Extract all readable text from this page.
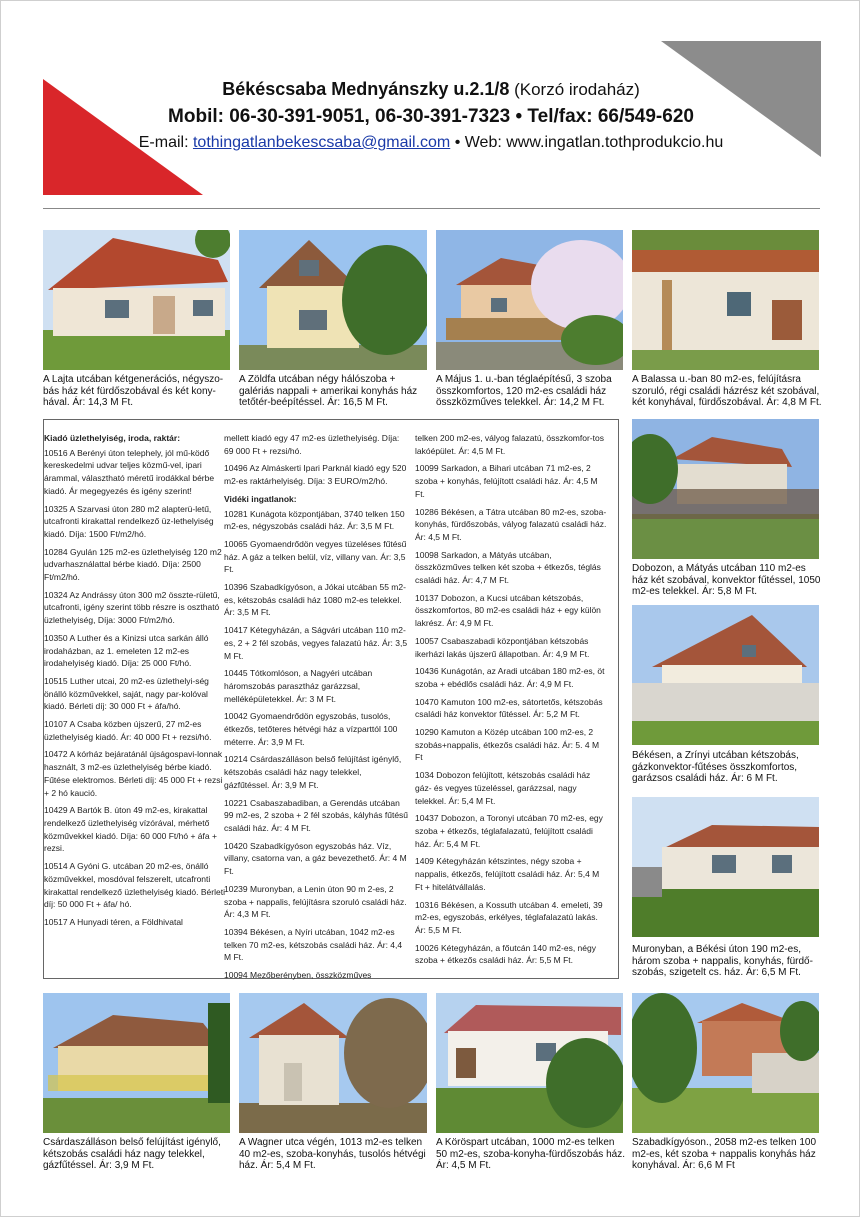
Békéscsaba Mednyánszky u.2.1/8 (Korzó irodaház)
Mobil: 06-30-391-9051, 06-30-391-7323 • Tel/fax: 66/549-620
E-mail: tothingatlanbekescsaba@gmail.com • Web: www.ingatlan.tothprodukcio.hu
A Lajta utcában kétgenerációs, négyszo-bás ház két fürdőszobával és két kony-hával. Ár: 14,3 M Ft.
A Zöldfa utcában négy hálószoba + galériás nappali + amerikai konyhás ház tetőtér-beépítéssel. Ár: 16,5 M Ft.
A Május 1. u.-ban téglaépítésű, 3 szoba összkomfortos, 120 m2-es családi ház összközműves telekkel. Ár: 14,2 M Ft.
A Balassa u.-ban 80 m2-es, felújításra szoruló, régi családi házrész két szobával, két konyhával, fürdőszobával. Ár: 4,8 M Ft.

Kiadó üzlethelyiség, iroda, raktár:

10516 A Berényi úton telephely, jól mű-ködő kereskedelmi udvar teljes közmű-vel, ipari árammal, választható méretű irodákkal bérbe kiadó. Ár megegyezés és igény szerint!

10325 A Szarvasi úton 280 m2 alapterü-letű, utcafronti kirakattal rendelkező üz-lethelyiség kiadó. Díja: 1500 Ft/m2/hó.

10284 Gyulán 125 m2-es üzlethelyiség 120 m2 udvarhasználattal bérbe kiadó. Díja: 2500 Ft/m2/hó.

10324 Az Andrássy úton 300 m2 összte-rületű, utcafronti, igény szerint több részre is osztható üzlethelyiség, Díja: 3000 Ft/m2/hó.

10350 A Luther és a Kinizsi utca sarkán álló irodaházban, az 1. emeleten 12 m2-es irodahelyiség kiadó. Díja: 25 000 Ft/hó.

10515 Luther utcai, 20 m2-es üzlethelyi-ség önálló közművekkel, saját, nagy par-kolóval kiadó. Bérleti díj: 30 000 Ft + áfa/hó.

10107 A Csaba közben újszerű, 27 m2-es üzlethelyiség kiadó. Ár: 40 000 Ft + rezsi/hó.

10472 A kórház bejáratánál újságospavi-lonnak használt, 3 m2-es üzlethelyiség bérbe kiadó. Fűtése elektromos. Bérleti díj: 45 000 Ft + rezsi + 2 hó kaució.

10429 A Bartók B. úton 49 m2-es, kirakattal rendelkező üzlethelyiség vízórával, mérhető közművekkel kiadó. Díja: 60 000 Ft/hó + áfa + rezsi.

10514 A Gyóni G. utcában 20 m2-es, önálló közművekkel, mosdóval felszerelt, utcafronti kirakattal rendelkező üzlethelyiség kiadó. Bérleti díj: 50 000 Ft + áfa/ hó.

10517 A Hunyadi téren, a Földhivatal

mellett kiadó egy 47 m2-es üzlethelyiség. Díja: 69 000 Ft + rezsi/hó.

10496 Az Almáskerti Ipari Parknál kiadó egy 520 m2-es raktárhelyiség. Díja: 3 EURO/m2/hó.

Vidéki ingatlanok:

10281 Kunágota központjában, 3740 telken 150 m2-es, négyszobás családi ház. Ár: 3,5 M Ft.

10065 Gyomaendrődön vegyes tüzeléses fűtésű ház. A gáz a telken belül, víz, villany van. Ár: 3,5 Ft.

10396 Szabadkígyóson, a Jókai utcában 55 m2-es, kétszobás családi ház 1080 m2-es telekkel. Ár: 3,5 M Ft.

10417 Kétegyházán, a Ságvári utcában 110 m2-es, 2 + 2 fél szobás, vegyes falazatú ház. Ár: 3,5 M Ft.

10445 Tótkomlóson, a Nagyéri utcában háromszobás parasztház garázzsal, melléképületekkel. Ár: 3 M Ft.

10042 Gyomaendrődön egyszobás, tusolós, étkezős, tetőteres hétvégi ház a vízparttól 100 méterre. Ár: 3,9 M Ft.

10214 Csárdaszálláson belső felújítást igénylő, kétszobás családi ház nagy telekkel, gázfűtéssel. Ár: 3,9 M Ft.

10221 Csabaszabadiban, a Gerendás utcában 99 m2-es, 2 szoba + 2 fél szobás, kályhás fűtésű családi ház. Ár: 4 M Ft.

10420 Szabadkígyóson egyszobás ház. Víz, villany, csatorna van, a gáz bevezethető. Ár: 4 M Ft.

10239 Muronyban, a Lenin úton 90 m 2-es, 2 szoba + nappalis, felújításra szoruló családi ház. Ár: 4,3 M Ft.

10394 Békésen, a Nyíri utcában, 1042 m2-es telken 70 m2-es, kétszobás családi ház. Ár: 4,4 M Ft.

10094 Mezőberényben, összközműves

telken 200 m2-es, vályog falazatú, összkomfor-tos lakóépület. Ár: 4,5 M Ft.

10099 Sarkadon, a Bihari utcában 71 m2-es, 2 szoba + konyhás, felújított családi ház. Ár: 4,5 M Ft.

10286 Békésen, a Tátra utcában 80 m2-es, szoba-konyhás, fürdőszobás, vályog falazatú családi ház. Ár: 4,5 M Ft.

10098 Sarkadon, a Mátyás utcában, összközműves telken két szoba + étkezős, téglás családi ház. Ár: 4,7 M Ft.

10137 Dobozon, a Kucsi utcában kétszobás, összkomfortos, 80 m2-es családi ház + egy külön lakrész. Ár: 4,9 M Ft.

10057 Csabaszabadi központjában kétszobás ikerházi lakás újszerű állapotban. Ár: 4,9 M Ft.

10436 Kunágotán, az Aradi utcában 180 m2-es, öt szoba + ebédlős családi ház. Ár: 4,9 M Ft.

10470 Kamuton 100 m2-es, sátortetős, kétszobás családi ház konvektor fűtéssel. Ár: 5,2 M Ft.

10290 Kamuton a Közép utcában 100 m2-es, 2 szobás+nappalis, étkezős családi ház. Ár: 5. 4 M Ft

1034 Dobozon felújított, kétszobás családi ház gáz- és vegyes tüzeléssel, garázzsal, nagy telekkel. Ár: 5,4 M Ft.

10437 Dobozon, a Toronyi utcában 70 m2-es, egy szoba + étkezős, téglafalazatú, felújított családi ház. Ár: 5,4 M Ft.

1409 Kétegyházán kétszintes, négy szoba + nappalis, étkezős, felújított családi ház. Ár: 5,4 M Ft + hitelátvállalás.

10316 Békésen, a Kossuth utcában 4. emeleti, 39 m2-es, egyszobás, erkélyes, téglafalazatú lakás. Ár: 5,5 M Ft.

10026 Kétegyházán, a főutcán 140 m2-es, négy szoba + étkezős családi ház. Ár: 5,5 M Ft.

Dobozon, a Mátyás utcában 110 m2-es ház két szobával, konvektor fűtéssel, 1050 m2-es telekkel. Ár: 5,8 M Ft.
Békésen, a Zrínyi utcában kétszobás, gázkonvektor-fűtéses összkomfortos, garázsos családi ház. Ár: 6 M Ft.
Muronyban, a Békési úton 190 m2-es, három szoba + nappalis, konyhás, fürdő-szobás, szigetelt cs. ház. Ár: 6,5 M Ft.
Csárdaszálláson belső felújítást igénylő, kétszobás családi ház nagy telekkel, gázfűtéssel. Ár: 3,9 M Ft.
A Wagner utca végén, 1013 m2-es telken 40 m2-es, szoba-konyhás, tusolós hétvégi ház. Ár: 5,4 M Ft.
A Köröspart utcában, 1000 m2-es telken 50 m2-es, szoba-konyha-fürdőszobás ház. Ár: 4,5 M Ft.
Szabadkígyóson., 2058 m2-es telken 100 m2-es, két szoba + nappalis konyhás ház konyhával. Ár: 6,6 M Ft
